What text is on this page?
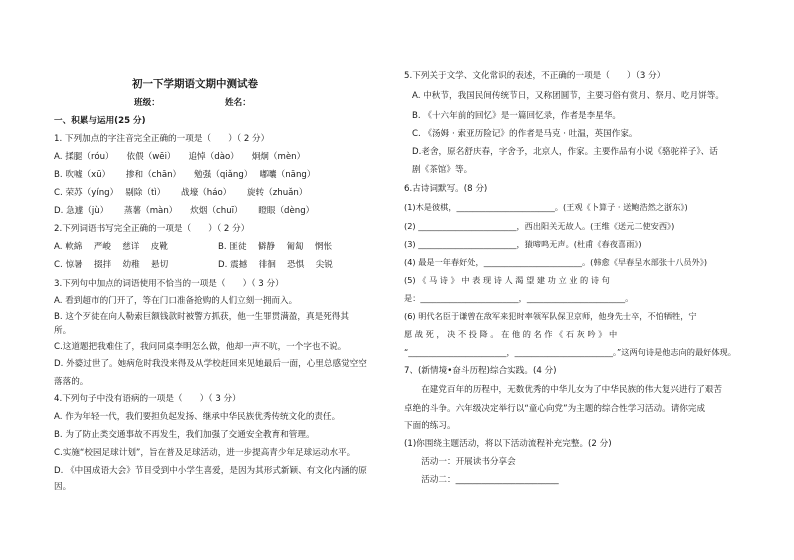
初一下学期语文期中测试卷
班级：	姓名：
一、积累与运用(25 分)
1. 下列加点的字注音完全正确的一项是（　　）（ 2 分）
A. 揉腿（róu）　　依偎（wēi）　　追悼（dào）　　炯炯（mèn）
B. 吹嘘（xū）　　 掺和（chān）　　勉强（qiǎng）　 嘟囔（nāng）
C. 荣苏（yíng）　 剔除（tì）　　 战壕（háo）　　 旋转（zhuǎn）
D. 急遽（jù）　　 蒸薯（màn）　　炊烟（chuī）　　 瞪眼（dèng）
2.下列词语书写完全正确的一项是（　　）（ 2 分）
A. 軟綿　 严峻　 慈详　 皮靴	B. 匪徒　 僻静　 匍匐　 惘怅
C. 惊暑　 掇拌　 幼稚　 悬切	D. 震撼　 徘徊　 恐惧　 尖锐
3.下列句中加点的词语使用不恰当的一项是（　　）（ 3 分）
A. 看到超市的门开了，等在门口准备抢购的人们立刻一拥而入。
B. 这个歹徒在向人勒索巨额钱款时被警方抓获，他一生罪贯满盈，真是死得其
所。
C.这道题把我难住了，我问同桌李明怎么做，他却一声不吭，一个字也不说。
D. 外婆过世了。她病危时我没来得及从学校赶回来见她最后一面，心里总感觉空空
落落的。
4.下列句子中没有语病的一项是（　　）（ 3 分）
A. 作为年轻一代，我们要担负起发扬、继承中华民族优秀传统文化的责任。
B. 为了防止类交通事故不再发生，我们加强了交通安全教育和管理。
C.实施“校园足球计划”，旨在普及足球活动，进一步提高青少年足球运动水平。
D. 《中国成语大会》节目受到中小学生喜爱，是因为其形式新颖、有文化内涵的原
因。
5.下列关于文学、文化常识的表述，不正确的一项是（　　）（3 分）
A. 中秋节，我国民间传统节日，又称团圆节，主要习俗有赏月、祭月、吃月饼等。
B. 《十六年前的回忆》是一篇回忆录，作者是李星华。
C. 《汤姆 · 索亚历险记》的作者是马克 · 吐温，英国作家。
D.老舍，原名舒庆春，字舍予，北京人，作家。主要作品有小说《骆驼祥子》、话
剧《茶馆》等。
6.古诗词默写。(8 分)
(1)木是彼棋，________________________。(王观《卜算子 · 送鲍浩然之浙东》)
(2) ________________________，西出阳关无故人。(王维《送元二使安西》)
(3) ________________________，猿啼鸣无声。(杜甫《春夜喜雨》)
(4) 最是一年春好处，________________________。(韩愈《早春呈水部张十八员外》)
(5) 《 马 诗 》 中 表 现 诗 人 渴 望 建 功 立 业 的 诗 句
是：________________________，________________________。
(6) 明代名臣于谦曾在敌军来犯时率领军队保卫京师，他身先士卒，不怕牺牲，宁
愿 战 死 ， 决 不 投 降 。 在 他 的 名 作 《 石 灰 吟 》 中
“________________________，________________________。”这两句诗是他志向的最好体现。
7、(新情境•奋斗历程)综合实践。(4 分)
　　在建党百年的历程中，无数优秀的中华儿女为了中华民族的伟大复兴进行了艰苦
卓绝的斗争。六年级决定举行以“童心向党”为主题的综合性学习活动。请你完成
下面的练习。
(1)你围绕主题活动，将以下活动流程补充完整。(2 分)
　　活动一：开展读书分享会
　　活动二：________________________
